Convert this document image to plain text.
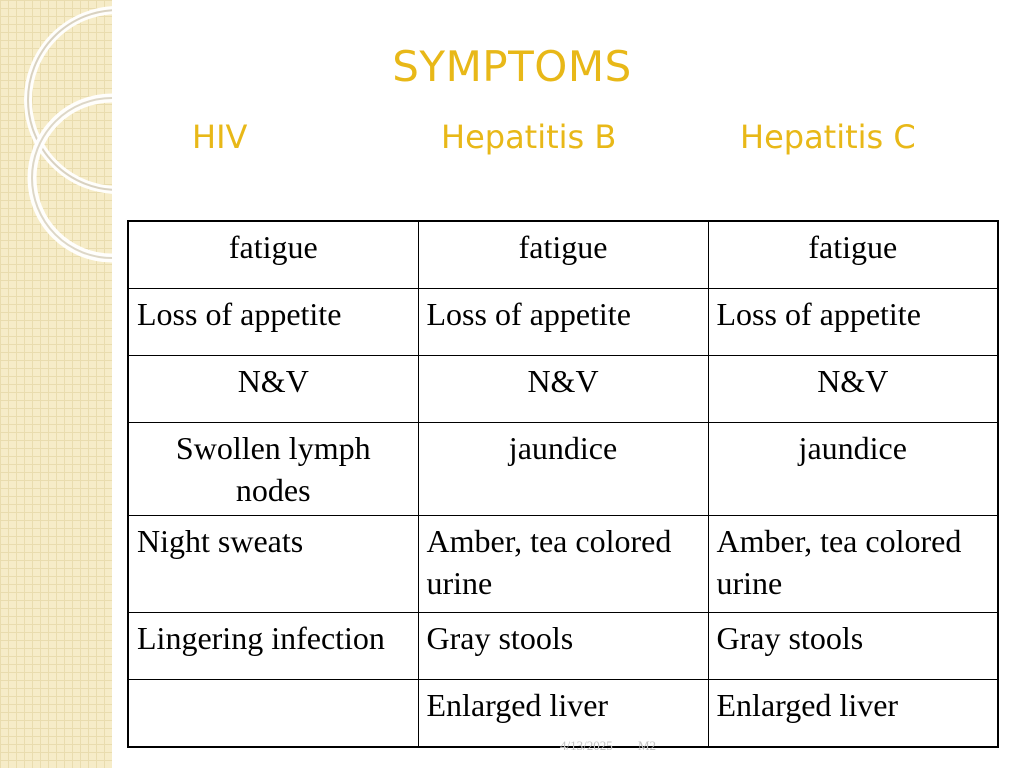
SYMPTOMS
HIV	Hepatitis B	Hepatitis C
fatigue	fatigue	fatigue
Loss of appetite	Loss of appetite	Loss of appetite
N&V	N&V	N&V
Swollen lymph nodes	jaundice	jaundice
Night sweats	Amber, tea colored urine	Amber, tea colored urine
Lingering infection	Gray stools	Gray stools
	Enlarged liver	Enlarged liver
4/13/2025 M2
